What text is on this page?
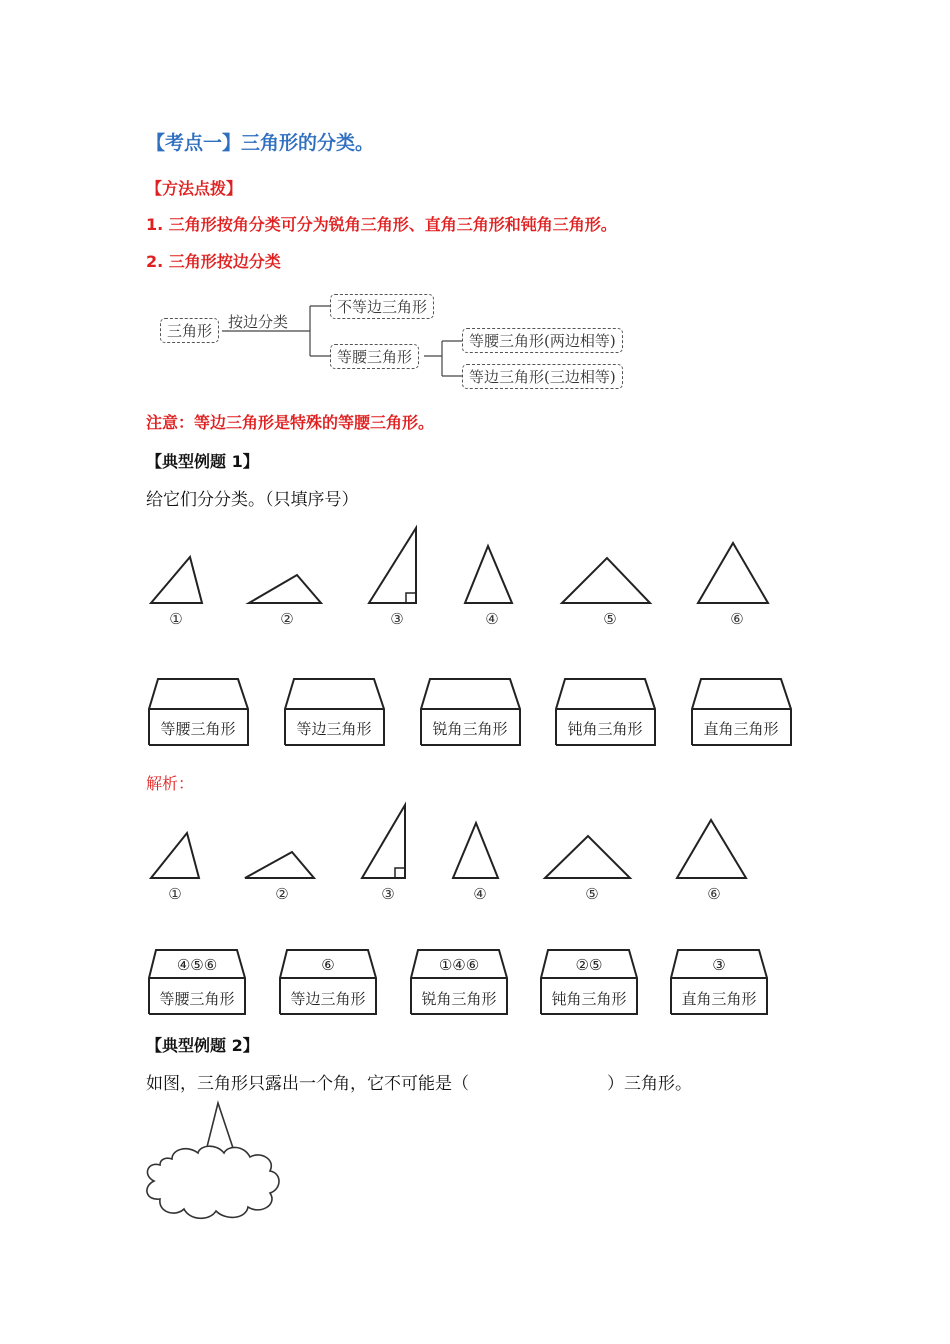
【考点一】三角形的分类。
【方法点拨】
1. 三角形按角分类可分为锐角三角形、直角三角形和钝角三角形。
2. 三角形按边分类
三角形	按边分类
不等边三角形
等腰三角形
等腰三角形(两边相等)
等边三角形(三边相等)
注意：等边三角形是特殊的等腰三角形。
【典型例题 1】
给它们分分类。（只填序号）
①	②	③	④	⑤	⑥
等腰三角形	等边三角形	锐角三角形	钝角三角形	直角三角形
解析：
①	②	③	④	⑤	⑥
④⑤⑥	⑥	①④⑥	②⑤	③
等腰三角形	等边三角形	锐角三角形	钝角三角形	直角三角形
【典型例题 2】
如图，三角形只露出一个角，它不可能是（	）三角形。
